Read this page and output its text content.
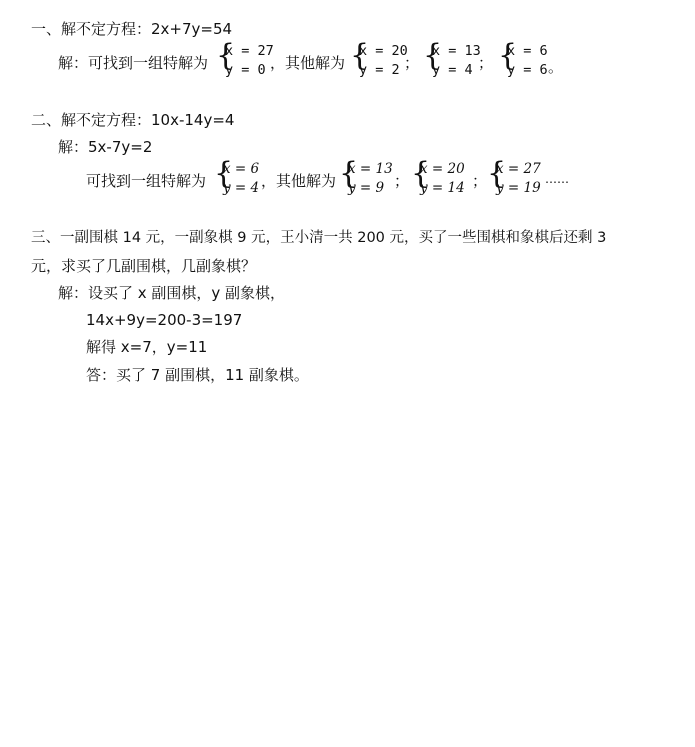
一、解不定方程：2x+7y=54
解：可找到一组特解为 {
x = 27
y = 0 ，其他解为 {
x = 20
y = 2 ； {
x = 13
y = 4 ； {
x = 6
y = 6 。
二、解不定方程：10x-14y=4
解：5x-7y=2
可找到一组特解为 {
x = 6
y = 4 ，其他解为 {
x = 13
y = 9 ； {
x = 20
y = 14 ； {
x = 27
y = 19
……
三、一副围棋 14 元，一副象棋 9 元，王小清一共 200 元，买了一些围棋和象棋后还剩 3
元，求买了几副围棋，几副象棋？
解：设买了 x 副围棋，y 副象棋，
14x+9y=200-3=197
解得 x=7，y=11
答：买了 7 副围棋，11 副象棋。
